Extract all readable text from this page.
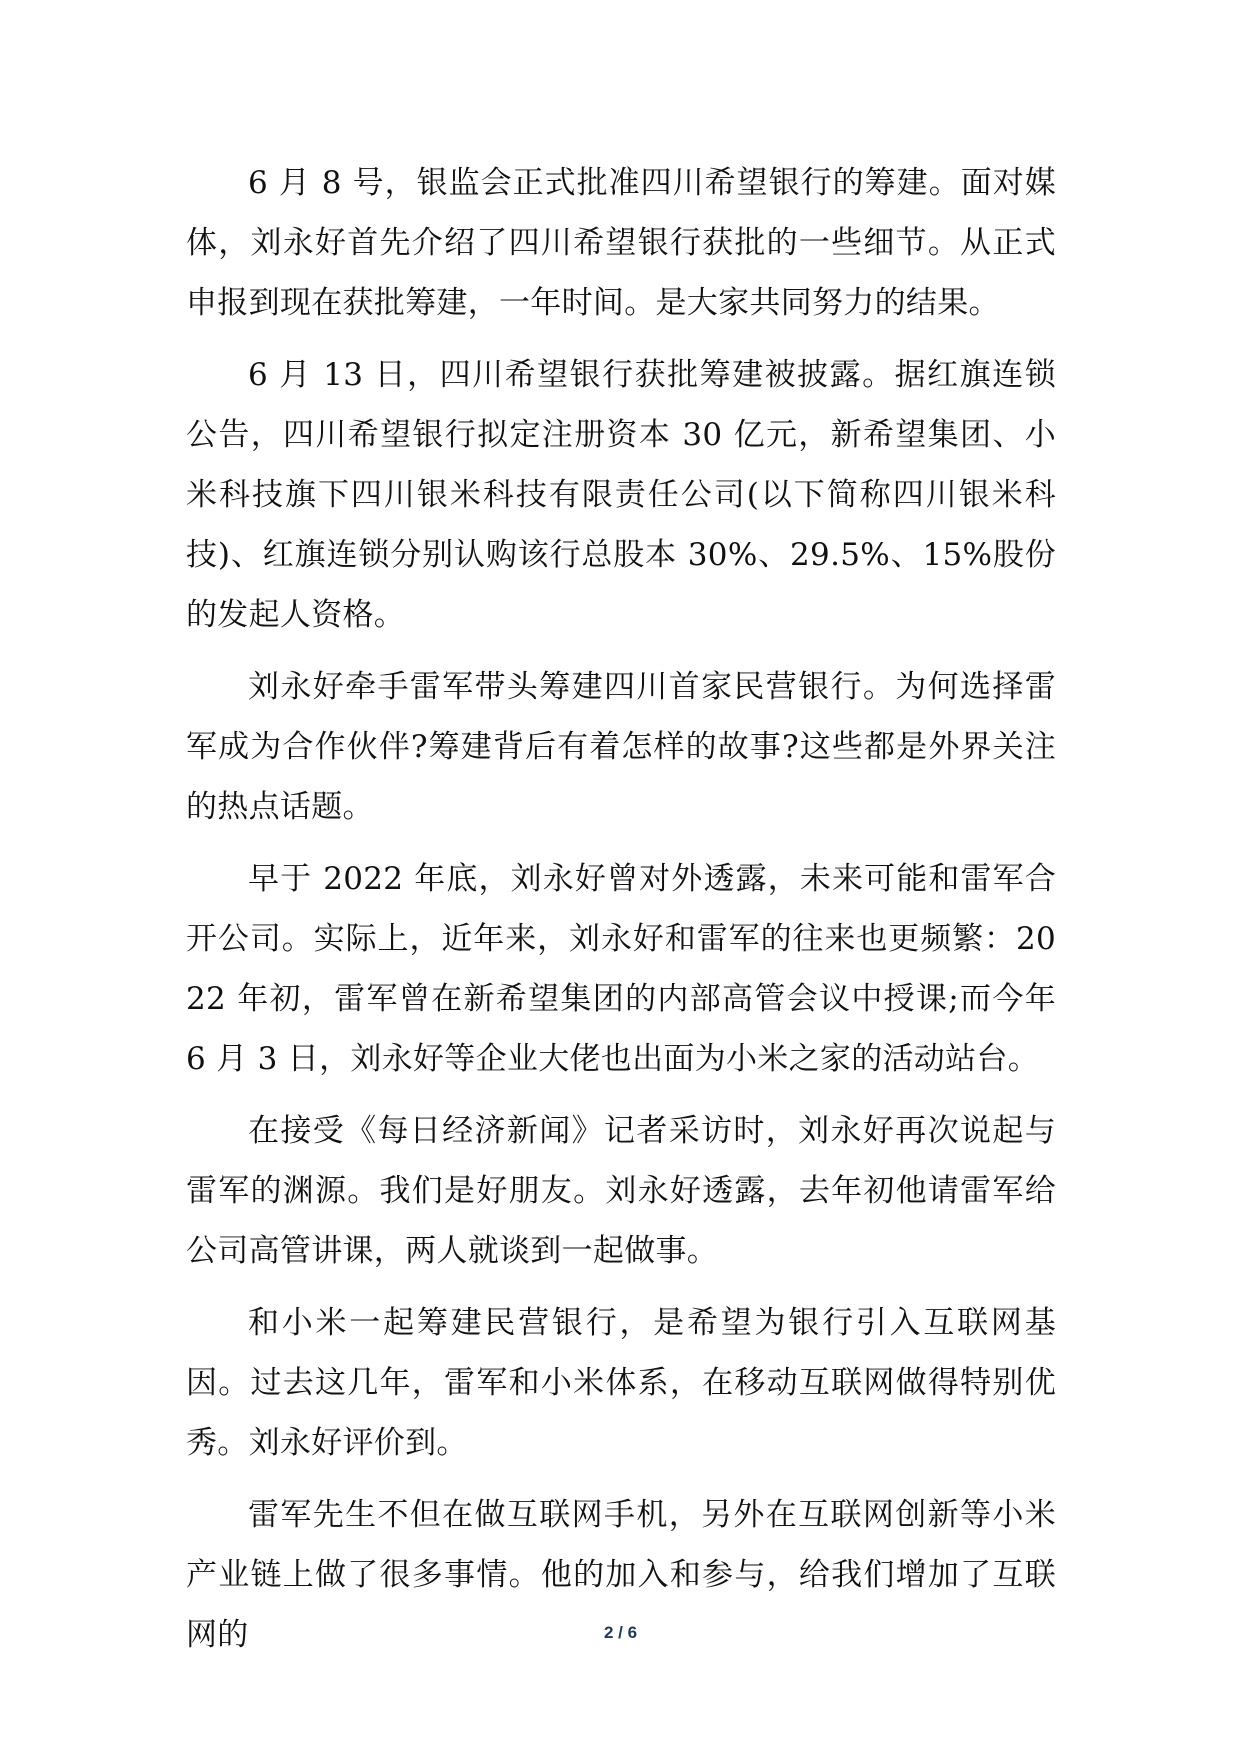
6 月 8 号，银监会正式批准四川希望银行的筹建。面对媒体，刘永好首先介绍了四川希望银行获批的一些细节。从正式申报到现在获批筹建，一年时间。是大家共同努力的结果。

6 月 13 日，四川希望银行获批筹建被披露。据红旗连锁公告，四川希望银行拟定注册资本 30 亿元，新希望集团、小米科技旗下四川银米科技有限责任公司(以下简称四川银米科技)、红旗连锁分别认购该行总股本 30%、29.5%、15%股份的发起人资格。

刘永好牵手雷军带头筹建四川首家民营银行。为何选择雷军成为合作伙伴?筹建背后有着怎样的故事?这些都是外界关注的热点话题。

早于 2022 年底，刘永好曾对外透露，未来可能和雷军合开公司。实际上，近年来，刘永好和雷军的往来也更频繁：2022 年初，雷军曾在新希望集团的内部高管会议中授课;而今年 6 月 3 日，刘永好等企业大佬也出面为小米之家的活动站台。

在接受《每日经济新闻》记者采访时，刘永好再次说起与雷军的渊源。我们是好朋友。刘永好透露，去年初他请雷军给公司高管讲课，两人就谈到一起做事。

和小米一起筹建民营银行，是希望为银行引入互联网基因。过去这几年，雷军和小米体系，在移动互联网做得特别优秀。刘永好评价到。

雷军先生不但在做互联网手机，另外在互联网创新等小米产业链上做了很多事情。他的加入和参与，给我们增加了互联网的	2 / 6
